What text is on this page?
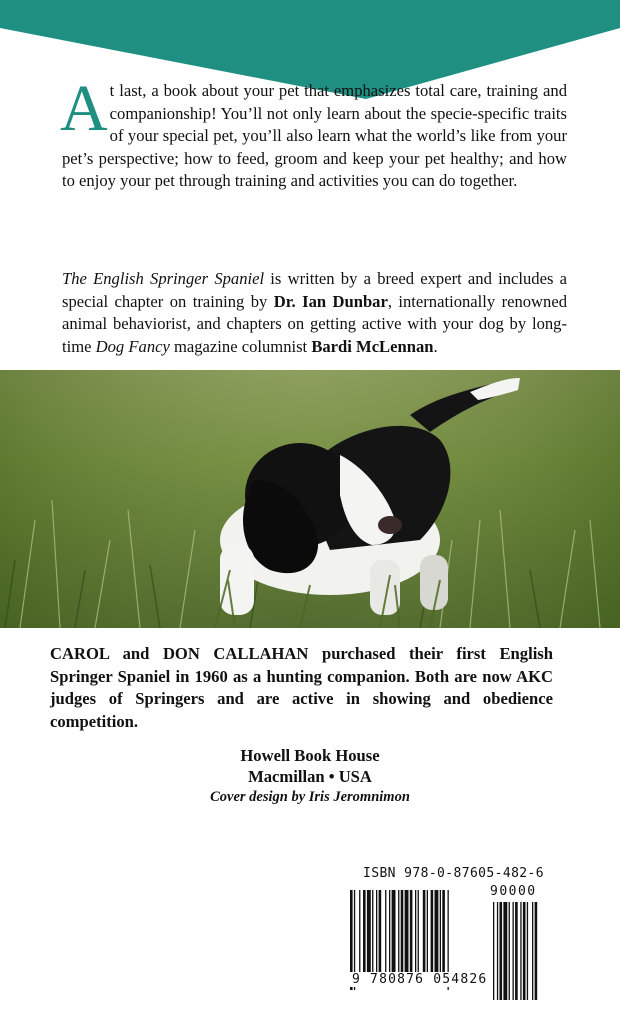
At last, a book about your pet that emphasizes total care, training and companionship! You’ll not only learn about the specie-specific traits of your special pet, you’ll also learn what the world’s like from your pet’s perspective; how to feed, groom and keep your pet healthy; and how to enjoy your pet through training and activities you can do together.

The English Springer Spaniel is written by a breed expert and includes a special chapter on training by Dr. Ian Dunbar, internationally renowned animal behaviorist, and chapters on getting active with your dog by long-time Dog Fancy magazine columnist Bardi McLennan.

CAROL and DON CALLAHAN purchased their first English Springer Spaniel in 1960 as a hunting companion. Both are now AKC judges of Springers and are active in showing and obedience competition.

Howell Book House
Macmillan • USA
Cover design by Iris Jeromnimon
ISBN 978-0-87605-482-6
90000
9 780876 054826
